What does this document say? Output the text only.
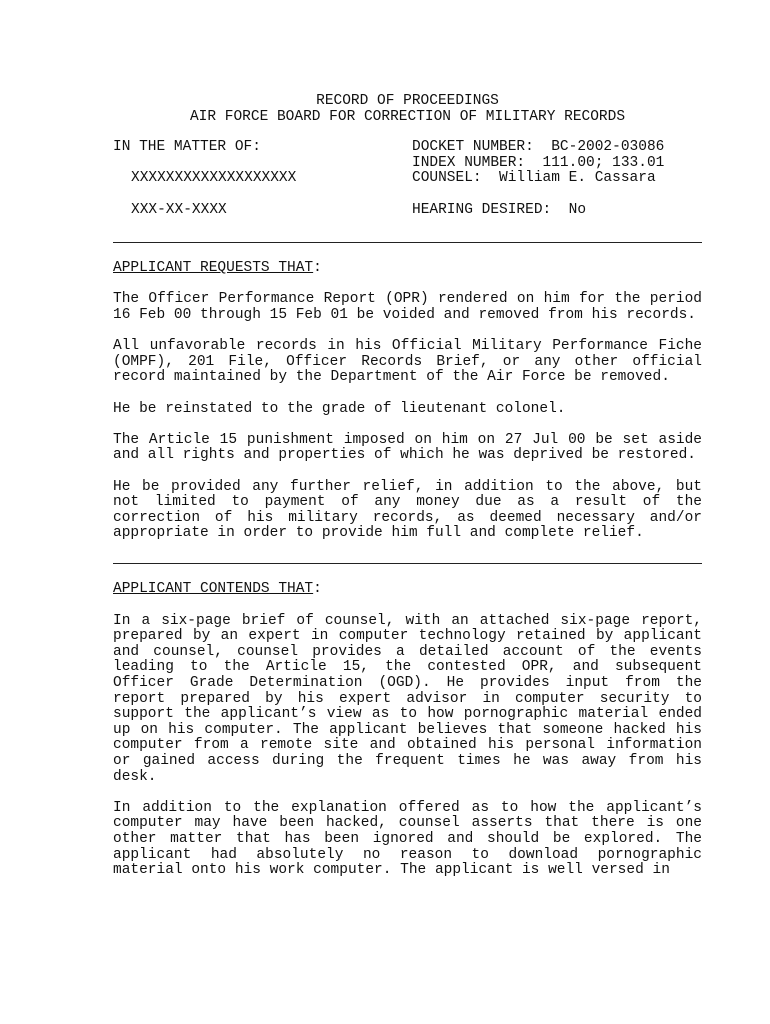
RECORD OF PROCEEDINGS
AIR FORCE BOARD FOR CORRECTION OF MILITARY RECORDS
IN THE MATTER OF:
XXXXXXXXXXXXXXXXXXX
XXX-XX-XXXX
DOCKET NUMBER:  BC-2002-03086
INDEX NUMBER:  111.00; 133.01
COUNSEL:  William E. Cassara
HEARING DESIRED:  No
APPLICANT REQUESTS THAT:

The Officer Performance Report (OPR) rendered on him for the period 16 Feb 00 through 15 Feb 01 be voided and removed from his records.

All unfavorable records in his Official Military Performance Fiche (OMPF), 201 File, Officer Records Brief, or any other official record maintained by the Department of the Air Force be removed.

He be reinstated to the grade of lieutenant colonel.

The Article 15 punishment imposed on him on 27 Jul 00 be set aside and all rights and properties of which he was deprived be restored.

He be provided any further relief, in addition to the above, but not limited to payment of any money due as a result of the correction of his military records, as deemed necessary and/or appropriate in order to provide him full and complete relief.

APPLICANT CONTENDS THAT:

In a six-page brief of counsel, with an attached six-page report, prepared by an expert in computer technology retained by applicant and counsel, counsel provides a detailed account of the events leading to the Article 15, the contested OPR, and subsequent Officer Grade Determination (OGD). He provides input from the report prepared by his expert advisor in computer security to support the applicant’s view as to how pornographic material ended up on his computer. The applicant believes that someone hacked his computer from a remote site and obtained his personal information or gained access during the frequent times he was away from his desk.

In addition to the explanation offered as to how the applicant’s computer may have been hacked, counsel asserts that there is one other matter that has been ignored and should be explored. The applicant had absolutely no reason to download pornographic material onto his work computer. The applicant is well versed in
